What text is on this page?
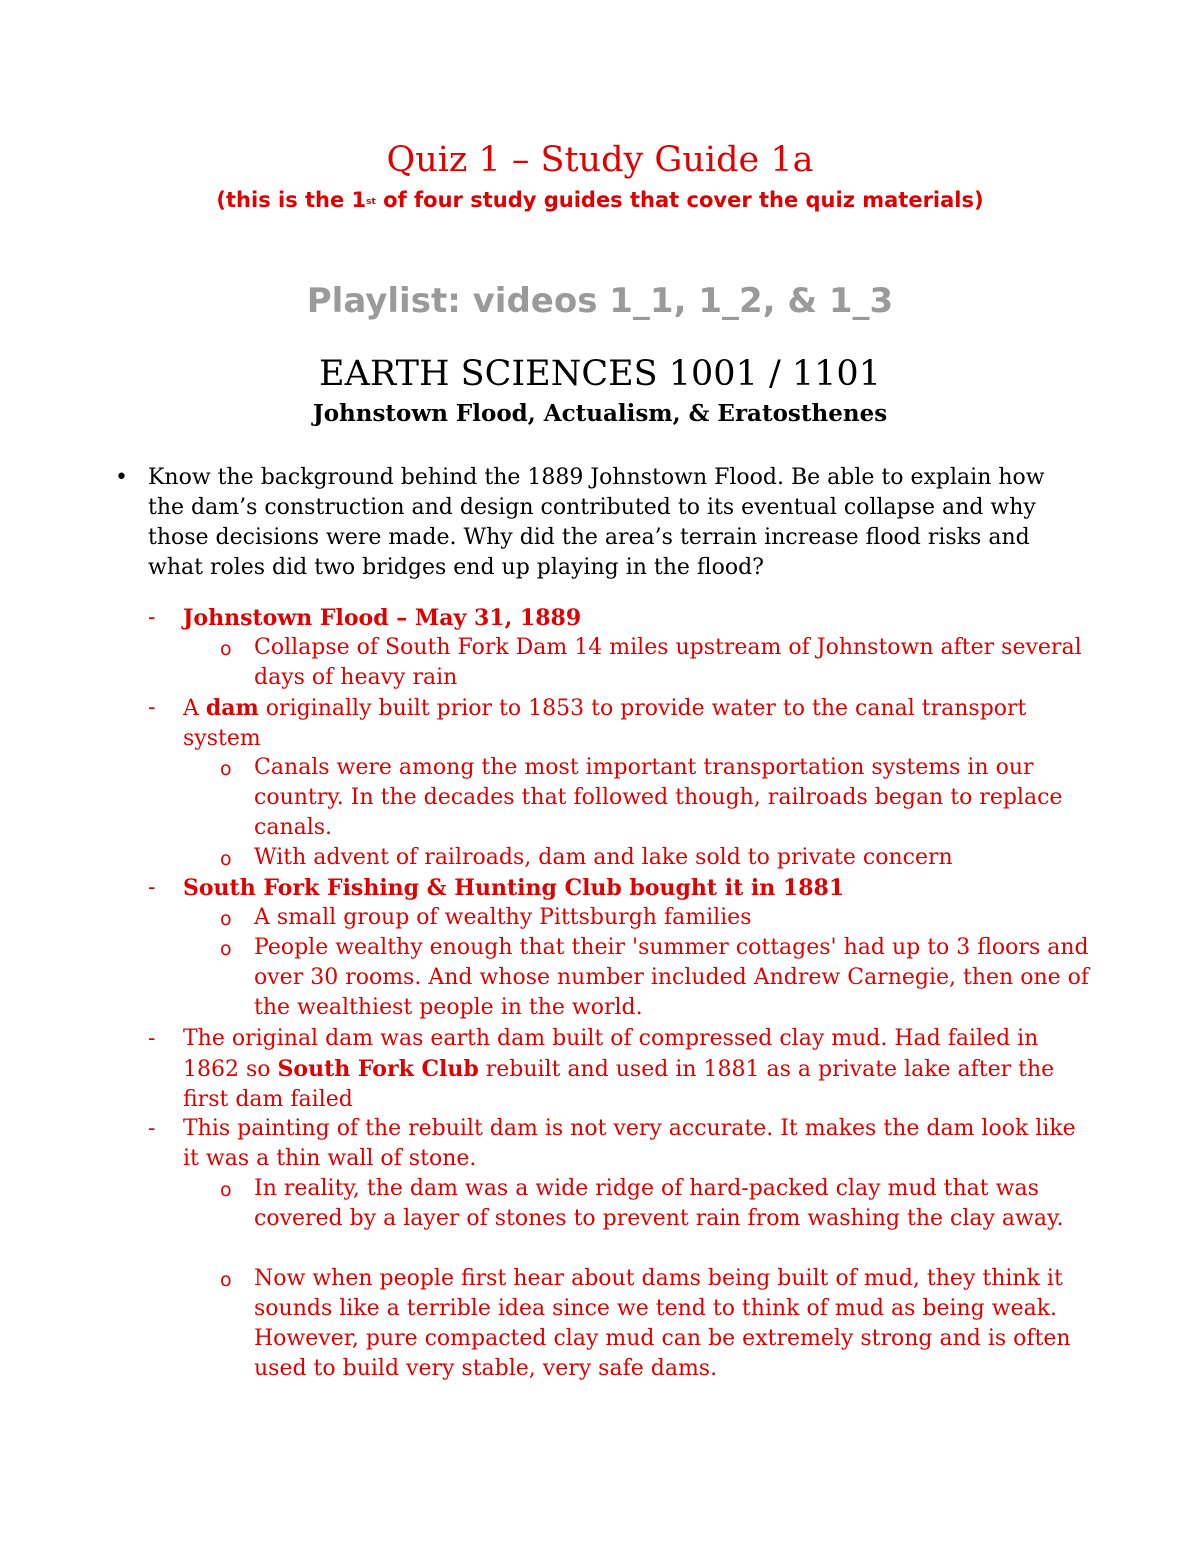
Quiz 1 – Study Guide 1a
(this is the 1st of four study guides that cover the quiz materials)
Playlist: videos 1_1, 1_2, & 1_3
EARTH SCIENCES 1001 / 1101
Johnstown Flood, Actualism, & Eratosthenes
• Know the background behind the 1889 Johnstown Flood. Be able to explain how the dam’s construction and design contributed to its eventual collapse and why those decisions were made. Why did the area’s terrain increase flood risks and what roles did two bridges end up playing in the flood?
- Johnstown Flood – May 31, 1889
o Collapse of South Fork Dam 14 miles upstream of Johnstown after several days of heavy rain
- A dam originally built prior to 1853 to provide water to the canal transport system
o Canals were among the most important transportation systems in our country. In the decades that followed though, railroads began to replace canals.
o With advent of railroads, dam and lake sold to private concern
- South Fork Fishing & Hunting Club bought it in 1881
o A small group of wealthy Pittsburgh families
o People wealthy enough that their 'summer cottages' had up to 3 floors and over 30 rooms. And whose number included Andrew Carnegie, then one of the wealthiest people in the world.
- The original dam was earth dam built of compressed clay mud. Had failed in 1862 so South Fork Club rebuilt and used in 1881 as a private lake after the first dam failed
- This painting of the rebuilt dam is not very accurate. It makes the dam look like it was a thin wall of stone.
o In reality, the dam was a wide ridge of hard-packed clay mud that was covered by a layer of stones to prevent rain from washing the clay away.
o Now when people first hear about dams being built of mud, they think it sounds like a terrible idea since we tend to think of mud as being weak. However, pure compacted clay mud can be extremely strong and is often used to build very stable, very safe dams.
